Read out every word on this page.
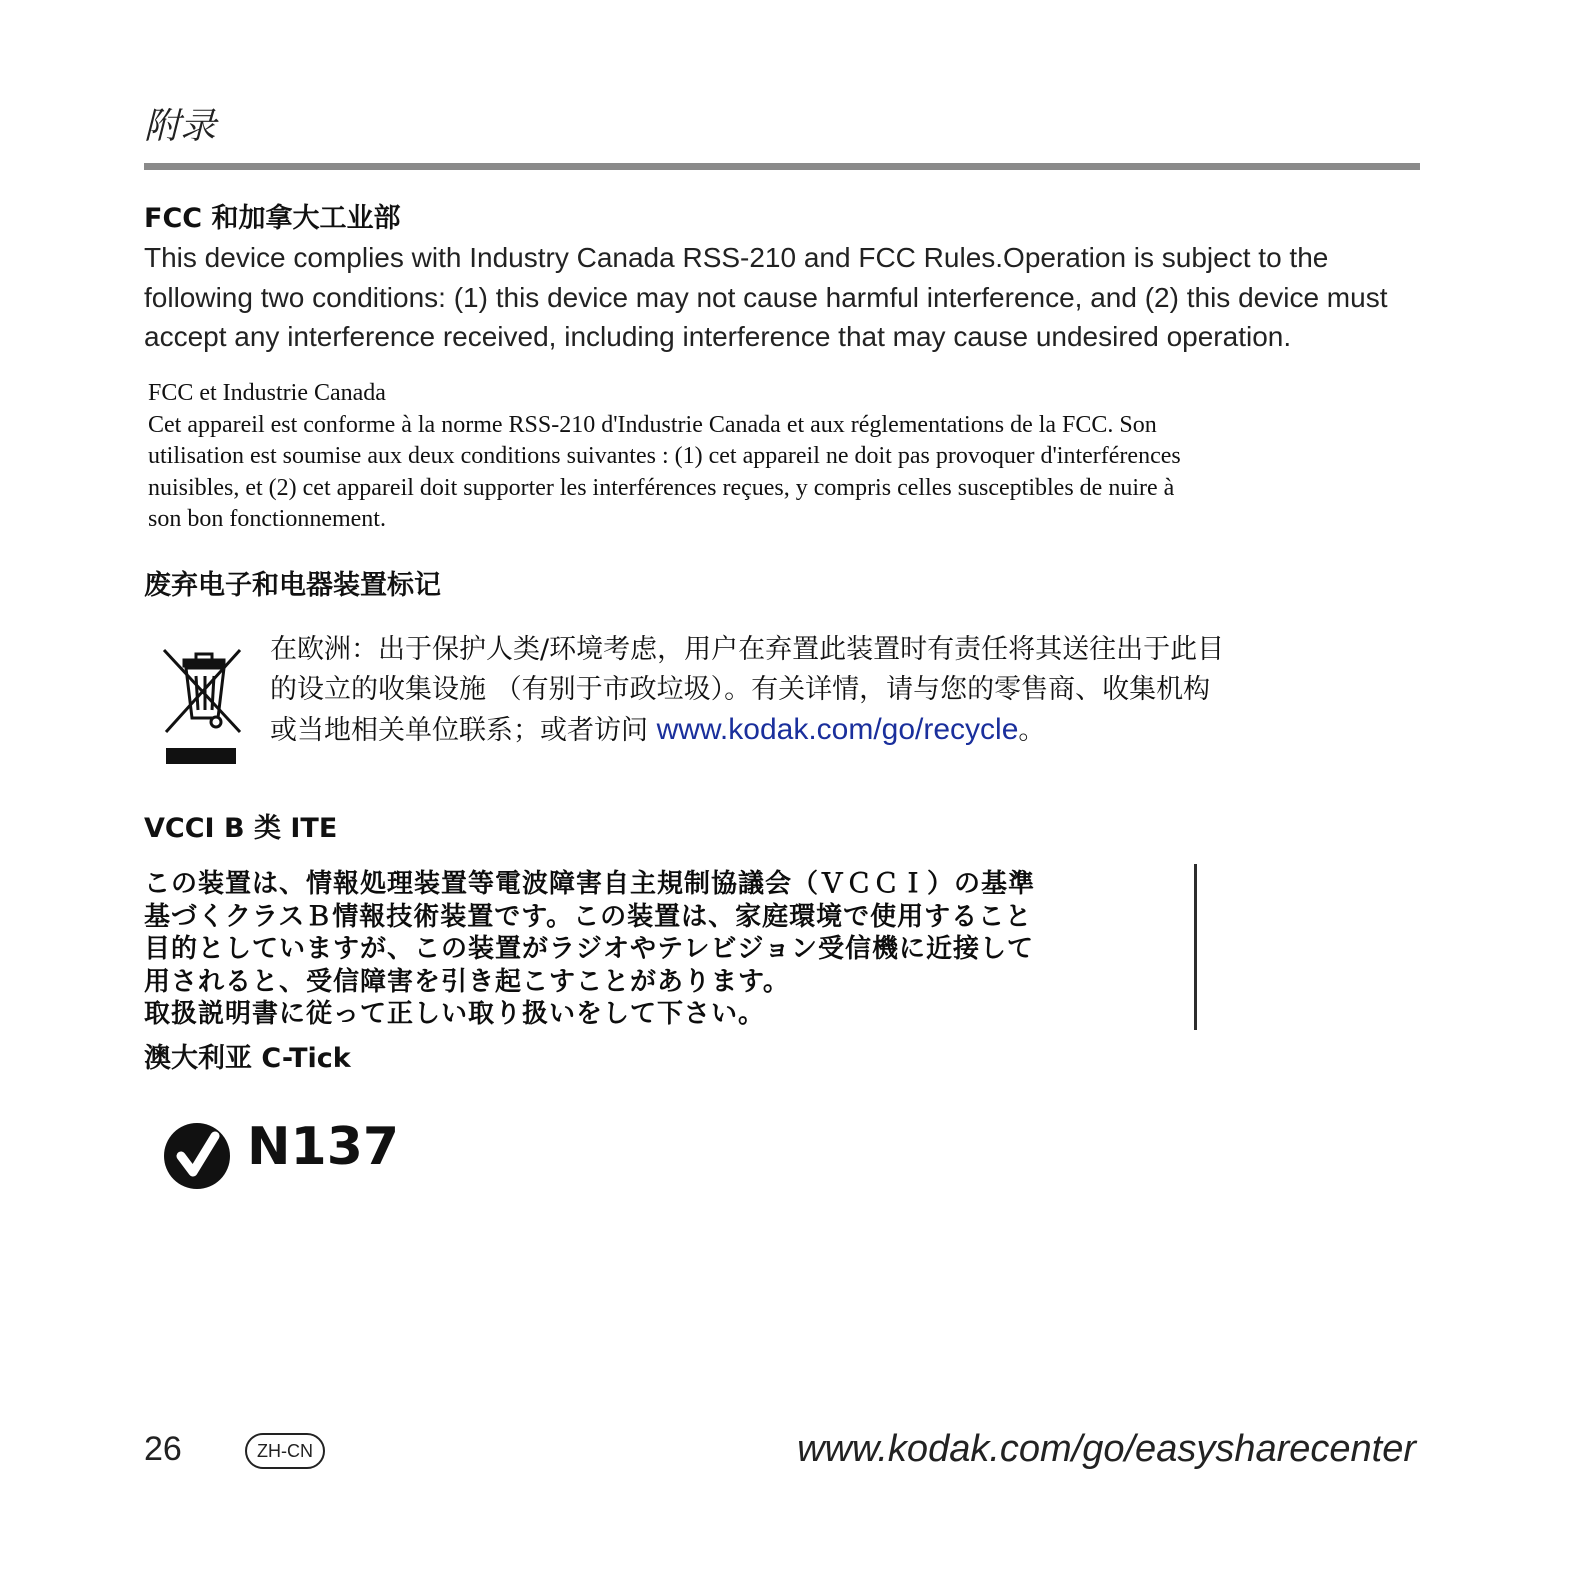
附录
FCC 和加拿大工业部

This device complies with Industry Canada RSS-210 and FCC Rules.Operation is subject to the

following two conditions: (1) this device may not cause harmful interference, and (2) this device must

accept any interference received, including interference that may cause undesired operation.

FCC et Industrie Canada

Cet appareil est conforme à la norme RSS-210 d'Industrie Canada et aux réglementations de la FCC. Son

utilisation est soumise aux deux conditions suivantes : (1) cet appareil ne doit pas provoquer d'interférences

nuisibles, et (2) cet appareil doit supporter les interférences reçues, y compris celles susceptibles de nuire à

son bon fonctionnement.

废弃电子和电器装置标记

在欧洲：出于保护人类/环境考虑，用户在弃置此装置时有责任将其送往出于此目

的设立的收集设施 （有别于市政垃圾）。有关详情，请与您的零售商、收集机构

或当地相关单位联系；或者访问 www.kodak.com/go/recycle。

VCCI B 类 ITE

この装置は、情報処理装置等電波障害自主規制協議会（ＶＣＣＩ）の基準

基づくクラスＢ情報技術装置です。この装置は、家庭環境で使用すること

目的としていますが、この装置がラジオやテレビジョン受信機に近接して

用されると、受信障害を引き起こすことがあります。

取扱説明書に従って正しい取り扱いをして下さい。

澳大利亚 C-Tick
N137
26	ZH-CN	www.kodak.com/go/easysharecenter
